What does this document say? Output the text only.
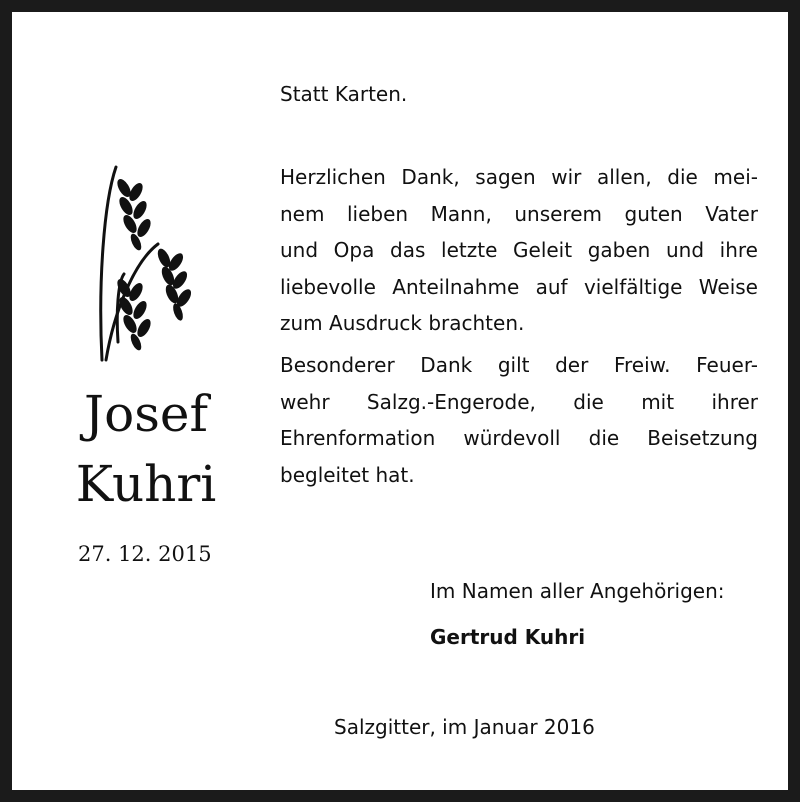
Josef
Kuhri
27. 12. 2015
Statt Karten.
Herzlichen Dank, sagen wir allen, die mei-
nem lieben Mann, unserem guten Vater
und Opa das letzte Geleit gaben und ihre
liebevolle Anteilnahme auf vielfältige Weise
zum Ausdruck brachten.
Besonderer Dank gilt der Freiw. Feuer-
wehr Salzg.-Engerode, die mit ihrer
Ehrenformation würdevoll die Beisetzung
begleitet hat.
Im Namen aller Angehörigen:
Gertrud Kuhri
Salzgitter, im Januar 2016
